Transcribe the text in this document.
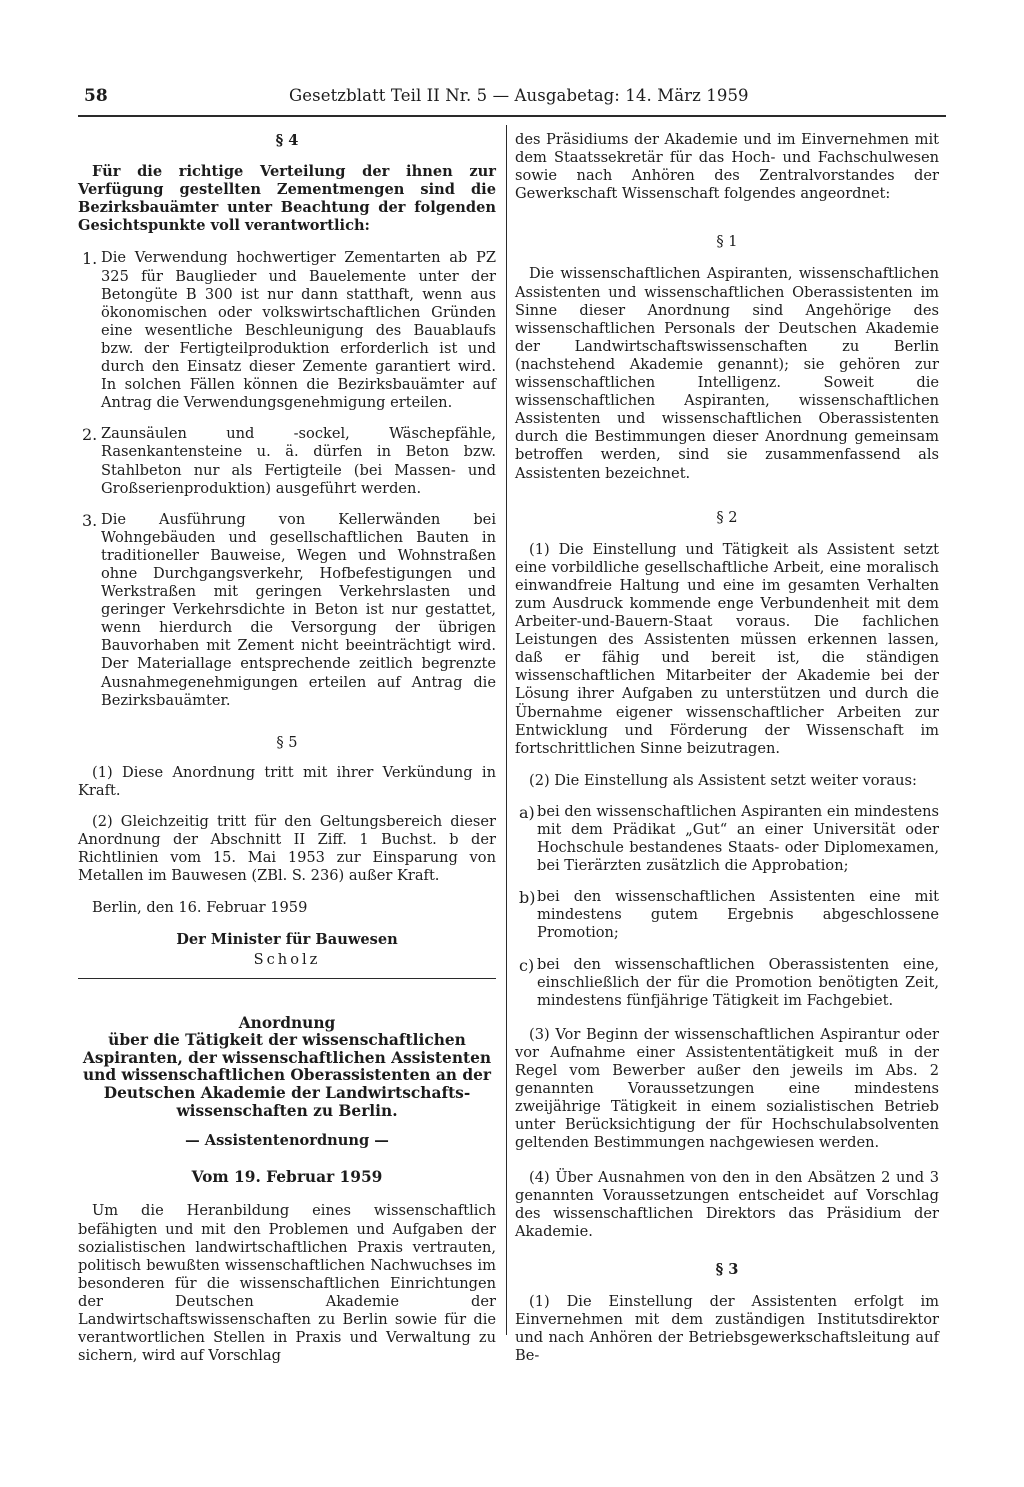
58	Gesetzblatt Teil II Nr. 5 — Ausgabetag: 14. März 1959

§ 4

Für die richtige Verteilung der ihnen zur Verfügung gestellten Zementmengen sind die Bezirksbauämter unter Beachtung der folgenden Gesichtspunkte voll verantwortlich:

1. Die Verwendung hochwertiger Zementarten ab PZ 325 für Bauglieder und Bauelemente unter der Betongüte B 300 ist nur dann statthaft, wenn aus ökonomischen oder volkswirtschaftlichen Gründen eine wesentliche Beschleunigung des Bauablaufs bzw. der Fertigteilproduktion erforderlich ist und durch den Einsatz dieser Zemente garantiert wird. In solchen Fällen können die Bezirksbauämter auf Antrag die Verwendungsgenehmigung erteilen.

2. Zaunsäulen und -sockel, Wäschepfähle, Rasenkantensteine u. ä. dürfen in Beton bzw. Stahlbeton nur als Fertigteile (bei Massen- und Großserienproduktion) ausgeführt werden.

3. Die Ausführung von Kellerwänden bei Wohngebäuden und gesellschaftlichen Bauten in traditioneller Bauweise, Wegen und Wohnstraßen ohne Durchgangsverkehr, Hofbefestigungen und Werkstraßen mit geringen Verkehrslasten und geringer Verkehrsdichte in Beton ist nur gestattet, wenn hierdurch die Versorgung der übrigen Bauvorhaben mit Zement nicht beeinträchtigt wird. Der Materiallage entsprechende zeitlich begrenzte Ausnahmegenehmigungen erteilen auf Antrag die Bezirksbauämter.

§ 5

(1) Diese Anordnung tritt mit ihrer Verkündung in Kraft.

(2) Gleichzeitig tritt für den Geltungsbereich dieser Anordnung der Abschnitt II Ziff. 1 Buchst. b der Richtlinien vom 15. Mai 1953 zur Einsparung von Metallen im Bauwesen (ZBl. S. 236) außer Kraft.

Berlin, den 16. Februar 1959

Der Minister für Bauwesen

Scholz

Anordnung

über die Tätigkeit der wissenschaftlichen

Aspiranten, der wissenschaftlichen Assistenten

und wissenschaftlichen Oberassistenten an der

Deutschen Akademie der Landwirtschafts-

wissenschaften zu Berlin.

— Assistentenordnung —

Vom 19. Februar 1959

Um die Heranbildung eines wissenschaftlich befähigten und mit den Problemen und Aufgaben der sozialistischen landwirtschaftlichen Praxis vertrauten, politisch bewußten wissenschaftlichen Nachwuchses im besonderen für die wissenschaftlichen Einrichtungen der Deutschen Akademie der Landwirtschaftswissenschaften zu Berlin sowie für die verantwortlichen Stellen in Praxis und Verwaltung zu sichern, wird auf Vorschlag

des Präsidiums der Akademie und im Einvernehmen mit dem Staatssekretär für das Hoch- und Fachschulwesen sowie nach Anhören des Zentralvorstandes der Gewerkschaft Wissenschaft folgendes angeordnet:

§ 1

Die wissenschaftlichen Aspiranten, wissenschaftlichen Assistenten und wissenschaftlichen Oberassistenten im Sinne dieser Anordnung sind Angehörige des wissenschaftlichen Personals der Deutschen Akademie der Landwirtschaftswissenschaften zu Berlin (nachstehend Akademie genannt); sie gehören zur wissenschaftlichen Intelligenz. Soweit die wissenschaftlichen Aspiranten, wissenschaftlichen Assistenten und wissenschaftlichen Oberassistenten durch die Bestimmungen dieser Anordnung gemeinsam betroffen werden, sind sie zusammenfassend als Assistenten bezeichnet.

§ 2

(1) Die Einstellung und Tätigkeit als Assistent setzt eine vorbildliche gesellschaftliche Arbeit, eine moralisch einwandfreie Haltung und eine im gesamten Verhalten zum Ausdruck kommende enge Verbundenheit mit dem Arbeiter-und-Bauern-Staat voraus. Die fachlichen Leistungen des Assistenten müssen erkennen lassen, daß er fähig und bereit ist, die ständigen wissenschaftlichen Mitarbeiter der Akademie bei der Lösung ihrer Aufgaben zu unterstützen und durch die Übernahme eigener wissenschaftlicher Arbeiten zur Entwicklung und Förderung der Wissenschaft im fortschrittlichen Sinne beizutragen.

(2) Die Einstellung als Assistent setzt weiter voraus:

a) bei den wissenschaftlichen Aspiranten ein mindestens mit dem Prädikat „Gut“ an einer Universität oder Hochschule bestandenes Staats- oder Diplomexamen, bei Tierärzten zusätzlich die Approbation;

b) bei den wissenschaftlichen Assistenten eine mit mindestens gutem Ergebnis abgeschlossene Promotion;

c) bei den wissenschaftlichen Oberassistenten eine, einschließlich der für die Promotion benötigten Zeit, mindestens fünfjährige Tätigkeit im Fachgebiet.

(3) Vor Beginn der wissenschaftlichen Aspirantur oder vor Aufnahme einer Assistententätigkeit muß in der Regel vom Bewerber außer den jeweils im Abs. 2 genannten Voraussetzungen eine mindestens zweijährige Tätigkeit in einem sozialistischen Betrieb unter Berücksichtigung der für Hochschulabsolventen geltenden Bestimmungen nachgewiesen werden.

(4) Über Ausnahmen von den in den Absätzen 2 und 3 genannten Voraussetzungen entscheidet auf Vorschlag des wissenschaftlichen Direktors das Präsidium der Akademie.

§ 3

(1) Die Einstellung der Assistenten erfolgt im Einvernehmen mit dem zuständigen Institutsdirektor und nach Anhören der Betriebsgewerkschaftsleitung auf Be-
